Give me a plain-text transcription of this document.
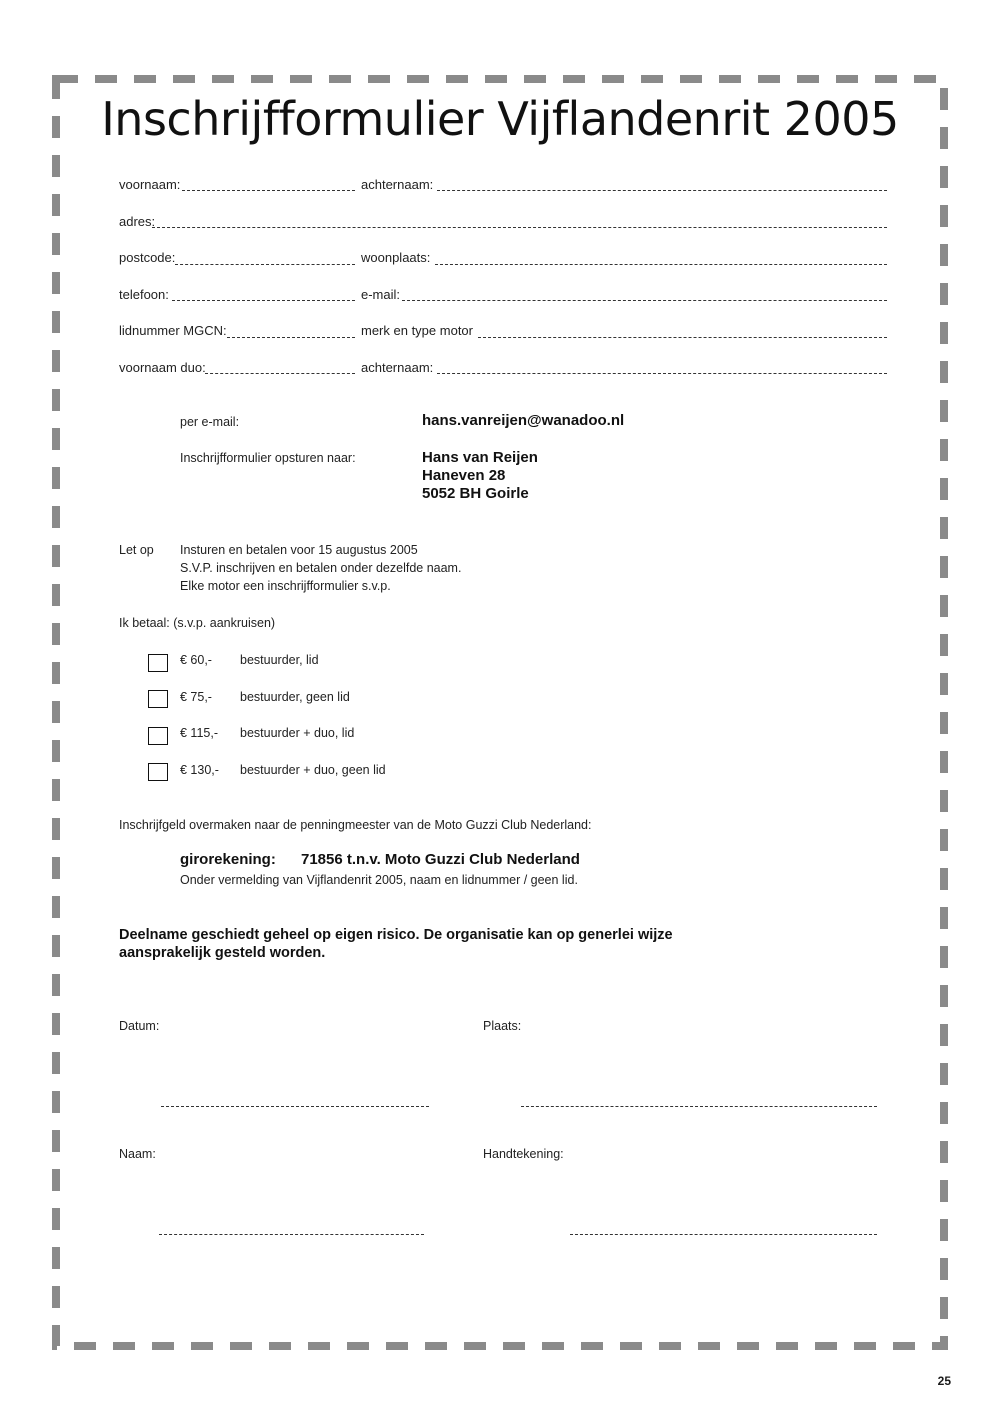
Inschrijfformulier Vijflandenrit 2005
voornaam:	achternaam:
adres:
postcode:	woonplaats:
telefoon:	e-mail:
lidnummer MGCN:	merk en type motor
voornaam duo:	achternaam:
per e-mail:	hans.vanreijen@wanadoo.nl
Inschrijfformulier opsturen naar:	Hans van Reijen
Haneven 28
5052 BH Goirle
Let op Insturen en betalen voor 15 augustus 2005
S.V.P. inschrijven en betalen onder dezelfde naam.
Elke motor een inschrijfformulier s.v.p.
Ik betaal: (s.v.p. aankruisen)
€ 60,- bestuurder, lid
€ 75,- bestuurder, geen lid
€ 115,- bestuurder + duo, lid
€ 130,- bestuurder + duo, geen lid
Inschrijfgeld overmaken naar de penningmeester van de Moto Guzzi Club Nederland:
girorekening: 71856 t.n.v. Moto Guzzi Club Nederland
Onder vermelding van Vijflandenrit 2005, naam en lidnummer / geen lid.
Deelname geschiedt geheel op eigen risico. De organisatie kan op generlei wijze aansprakelijk gesteld worden.
Datum:	Plaats:
Naam:	Handtekening:
25
